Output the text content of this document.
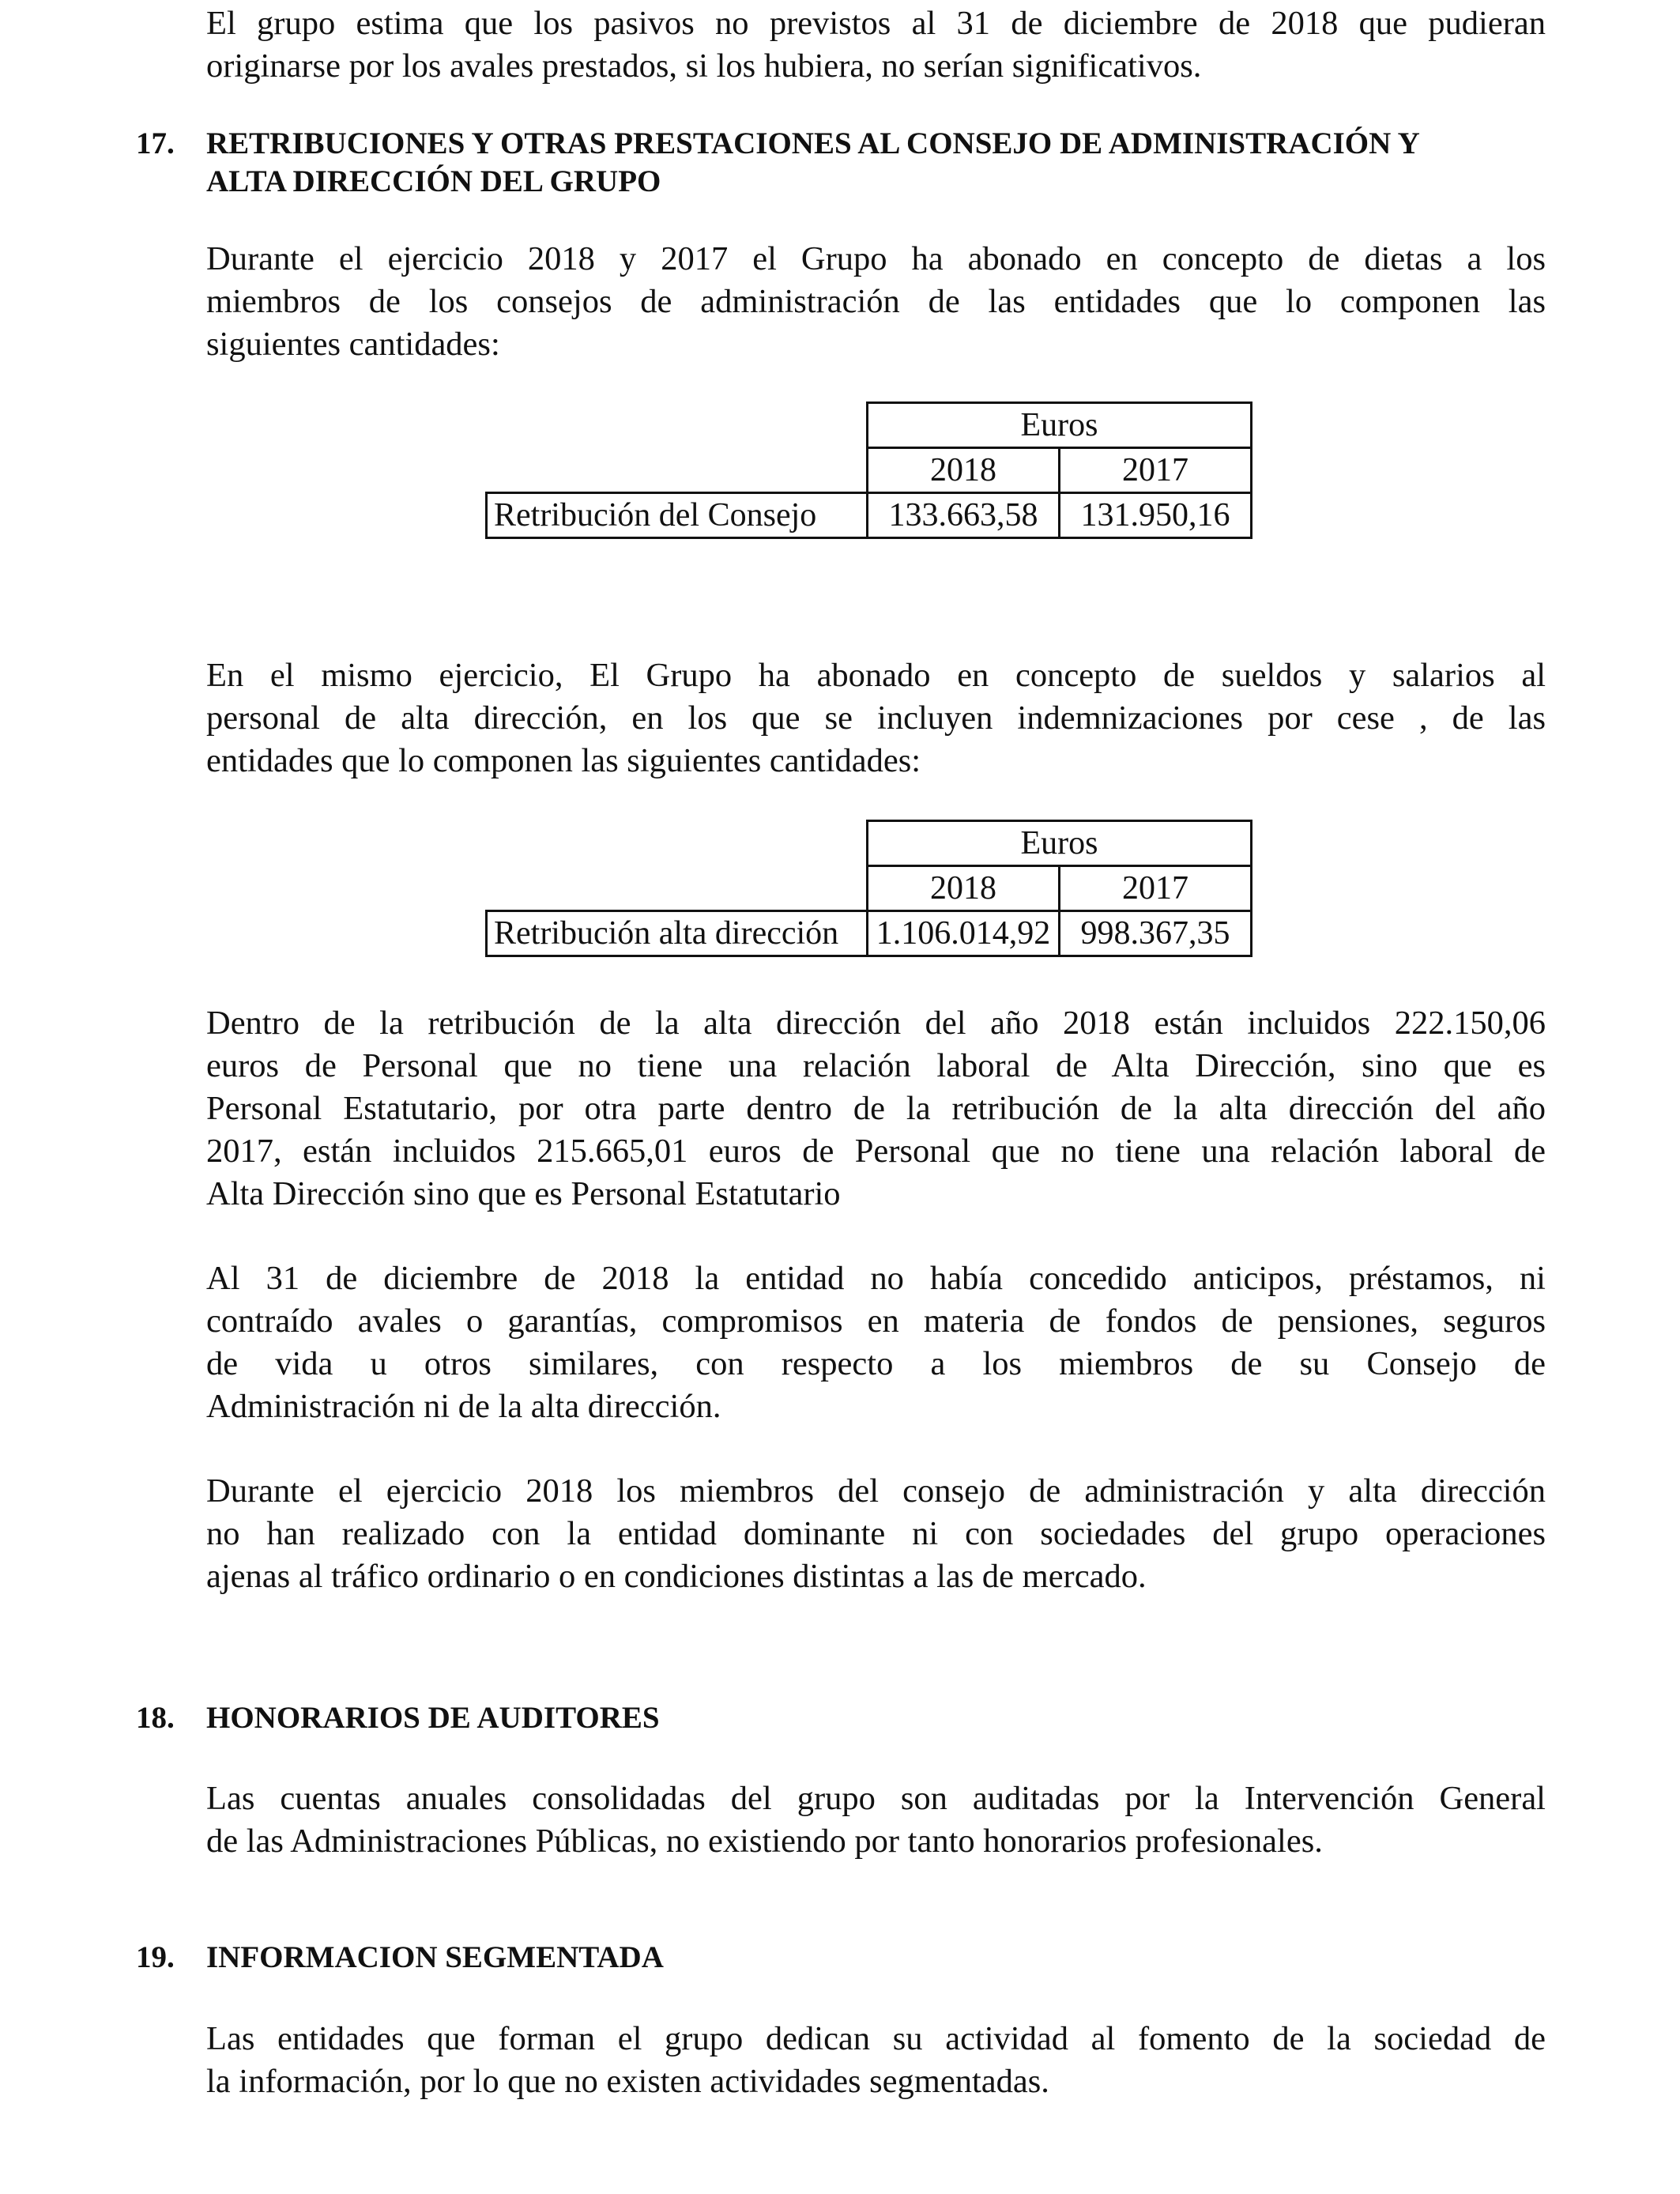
El grupo estima que los pasivos no previstos al 31 de diciembre de 2018 que pudieran
originarse por los avales prestados, si los hubiera, no serían significativos.
17. RETRIBUCIONES Y OTRAS PRESTACIONES AL CONSEJO DE ADMINISTRACIÓN Y
ALTA DIRECCIÓN DEL GRUPO
Durante el ejercicio 2018 y 2017 el Grupo ha abonado en concepto de dietas a los
miembros de los consejos de administración de las entidades que lo componen las
siguientes cantidades:
	Euros	
	2018	2017
Retribución del Consejo	133.663,58	131.950,16
En el mismo ejercicio, El Grupo ha abonado en concepto de sueldos y salarios al
personal de alta dirección, en los que se incluyen indemnizaciones por cese , de las
entidades que lo componen las siguientes cantidades:
	Euros	
	2018	2017
Retribución alta dirección	1.106.014,92	998.367,35
Dentro de la retribución de la alta dirección del año 2018 están incluidos 222.150,06
euros de Personal que no tiene una relación laboral de Alta Dirección, sino que es
Personal Estatutario, por otra parte dentro de la retribución de la alta dirección del año
2017, están incluidos 215.665,01 euros de Personal que no tiene una relación laboral de
Alta Dirección sino que es Personal Estatutario
Al 31 de diciembre de 2018 la entidad no había concedido anticipos, préstamos, ni
contraído avales o garantías, compromisos en materia de fondos de pensiones, seguros
de vida u otros similares, con respecto a los miembros de su Consejo de
Administración ni de la alta dirección.
Durante el ejercicio 2018 los miembros del consejo de administración y alta dirección
no han realizado con la entidad dominante ni con sociedades del grupo operaciones
ajenas al tráfico ordinario o en condiciones distintas a las de mercado.
18. HONORARIOS DE AUDITORES
Las cuentas anuales consolidadas del grupo son auditadas por la Intervención General
de las Administraciones Públicas, no existiendo por tanto honorarios profesionales.
19. INFORMACION SEGMENTADA
Las entidades que forman el grupo dedican su actividad al fomento de la sociedad de
la información, por lo que no existen actividades segmentadas.
